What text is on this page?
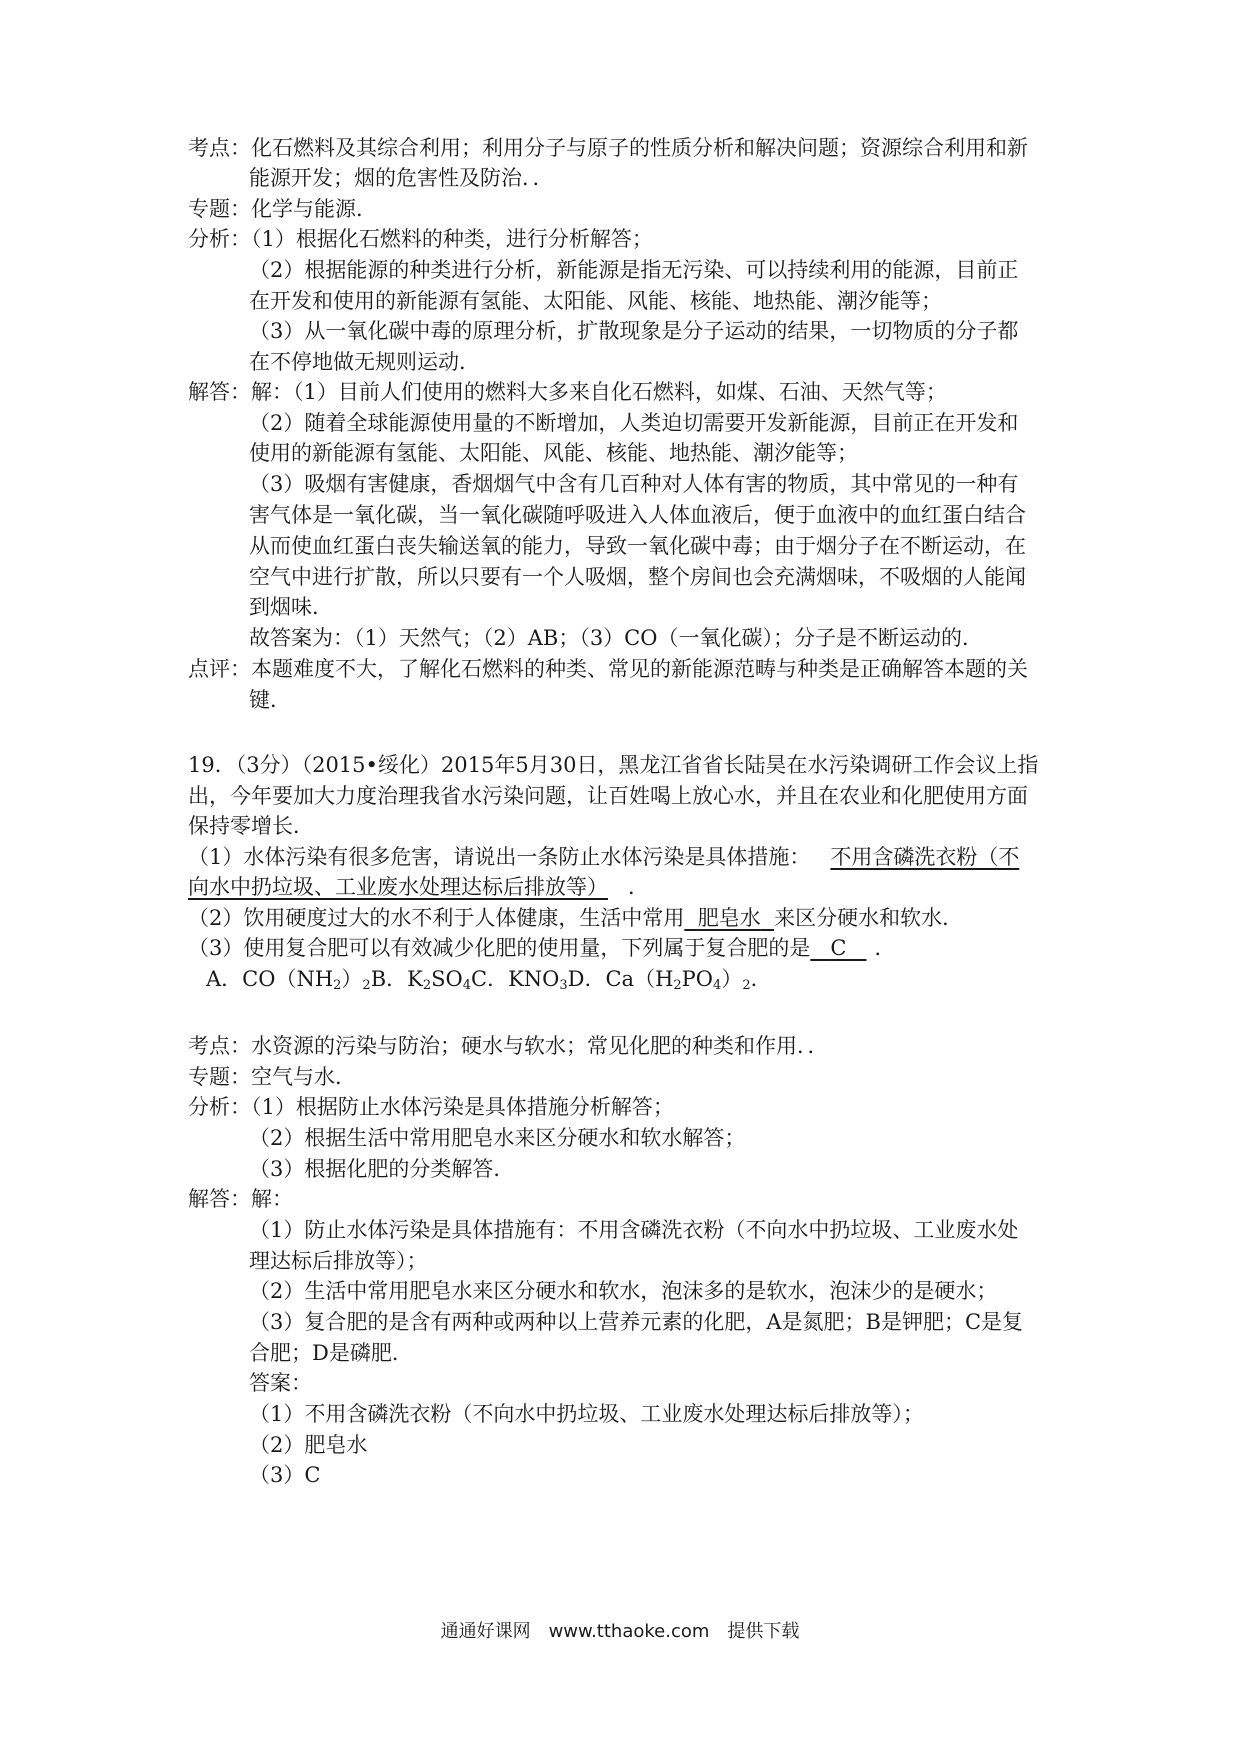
考点：化石燃料及其综合利用；利用分子与原子的性质分析和解决问题；资源综合利用和新
能源开发；烟的危害性及防治．．
专题：化学与能源．
分析：（1）根据化石燃料的种类，进行分析解答；
（2）根据能源的种类进行分析，新能源是指无污染、可以持续利用的能源，目前正
在开发和使用的新能源有氢能、太阳能、风能、核能、地热能、潮汐能等；
（3）从一氧化碳中毒的原理分析，扩散现象是分子运动的结果，一切物质的分子都
在不停地做无规则运动．
解答：解：（1）目前人们使用的燃料大多来自化石燃料，如煤、石油、天然气等；
（2）随着全球能源使用量的不断增加，人类迫切需要开发新能源，目前正在开发和
使用的新能源有氢能、太阳能、风能、核能、地热能、潮汐能等；
（3）吸烟有害健康，香烟烟气中含有几百种对人体有害的物质，其中常见的一种有
害气体是一氧化碳，当一氧化碳随呼吸进入人体血液后，便于血液中的血红蛋白结合
从而使血红蛋白丧失输送氧的能力，导致一氧化碳中毒；由于烟分子在不断运动，在
空气中进行扩散，所以只要有一个人吸烟，整个房间也会充满烟味，不吸烟的人能闻
到烟味．
故答案为：（1）天然气；（2）AB；（3）CO（一氧化碳）；分子是不断运动的．
点评：本题难度不大，了解化石燃料的种类、常见的新能源范畴与种类是正确解答本题的关
键．
19．（3分）（2015•绥化）2015年5月30日，黑龙江省省长陆昊在水污染调研工作会议上指
出，今年要加大力度治理我省水污染问题，让百姓喝上放心水，并且在农业和化肥使用方面
保持零增长．
（1）水体污染有很多危害，请说出一条防止水体污染是具体措施： 不用含磷洗衣粉（不
向水中扔垃圾、工业废水处理达标后排放等） ．
（2）饮用硬度过大的水不利于人体健康，生活中常用 肥皂水 来区分硬水和软水．
（3）使用复合肥可以有效减少化肥的使用量，下列属于复合肥的是 C ．
A．$CO(NH_2)_2B$．$K_2SO_4C$．$KNO_3D$．$Ca(H_2PO_4)_2$．
考点：水资源的污染与防治；硬水与软水；常见化肥的种类和作用．．
专题：空气与水．
分析：（1）根据防止水体污染是具体措施分析解答；
（2）根据生活中常用肥皂水来区分硬水和软水解答；
（3）根据化肥的分类解答．
解答：解：
（1）防止水体污染是具体措施有：不用含磷洗衣粉（不向水中扔垃圾、工业废水处
理达标后排放等）；
（2）生活中常用肥皂水来区分硬水和软水，泡沫多的是软水，泡沫少的是硬水；
（3）复合肥的是含有两种或两种以上营养元素的化肥，A是氮肥；B是钾肥；C是复
合肥；D是磷肥．
答案：
（1）不用含磷洗衣粉（不向水中扔垃圾、工业废水处理达标后排放等）；
（2）肥皂水
（3）C
通通好课网　www.tthaoke.com　提供下载
